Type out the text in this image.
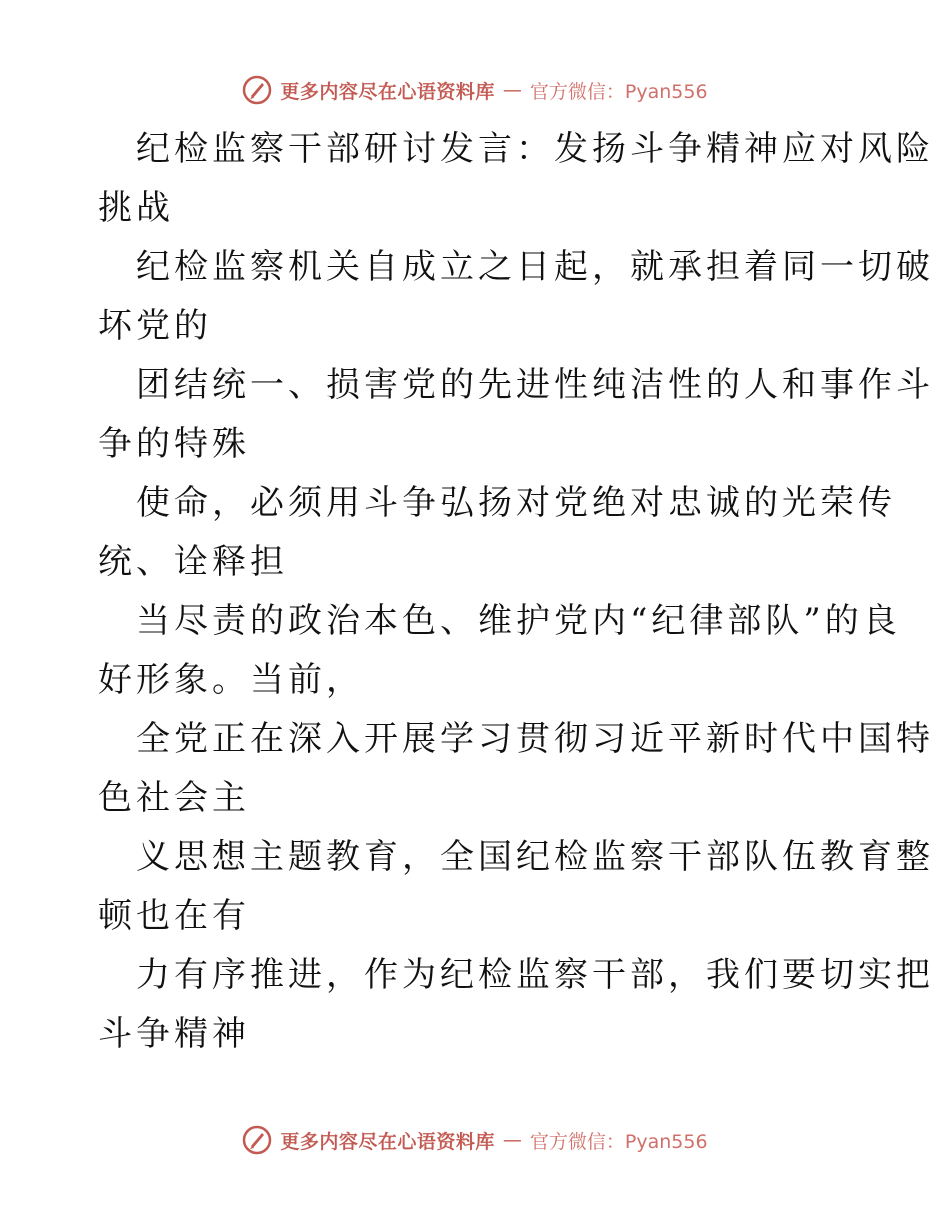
更多内容尽在心语资料库 — 官方微信：Pyan556
纪检监察干部研讨发言：发扬斗争精神应对风险
挑战
纪检监察机关自成立之日起，就承担着同一切破
坏党的
团结统一、损害党的先进性纯洁性的人和事作斗
争的特殊
使命，必须用斗争弘扬对党绝对忠诚的光荣传
统、诠释担
当尽责的政治本色、维护党内“纪律部队”的良
好形象。当前，
全党正在深入开展学习贯彻习近平新时代中国特
色社会主
义思想主题教育，全国纪检监察干部队伍教育整
顿也在有
力有序推进，作为纪检监察干部，我们要切实把
斗争精神
更多内容尽在心语资料库 — 官方微信：Pyan556
